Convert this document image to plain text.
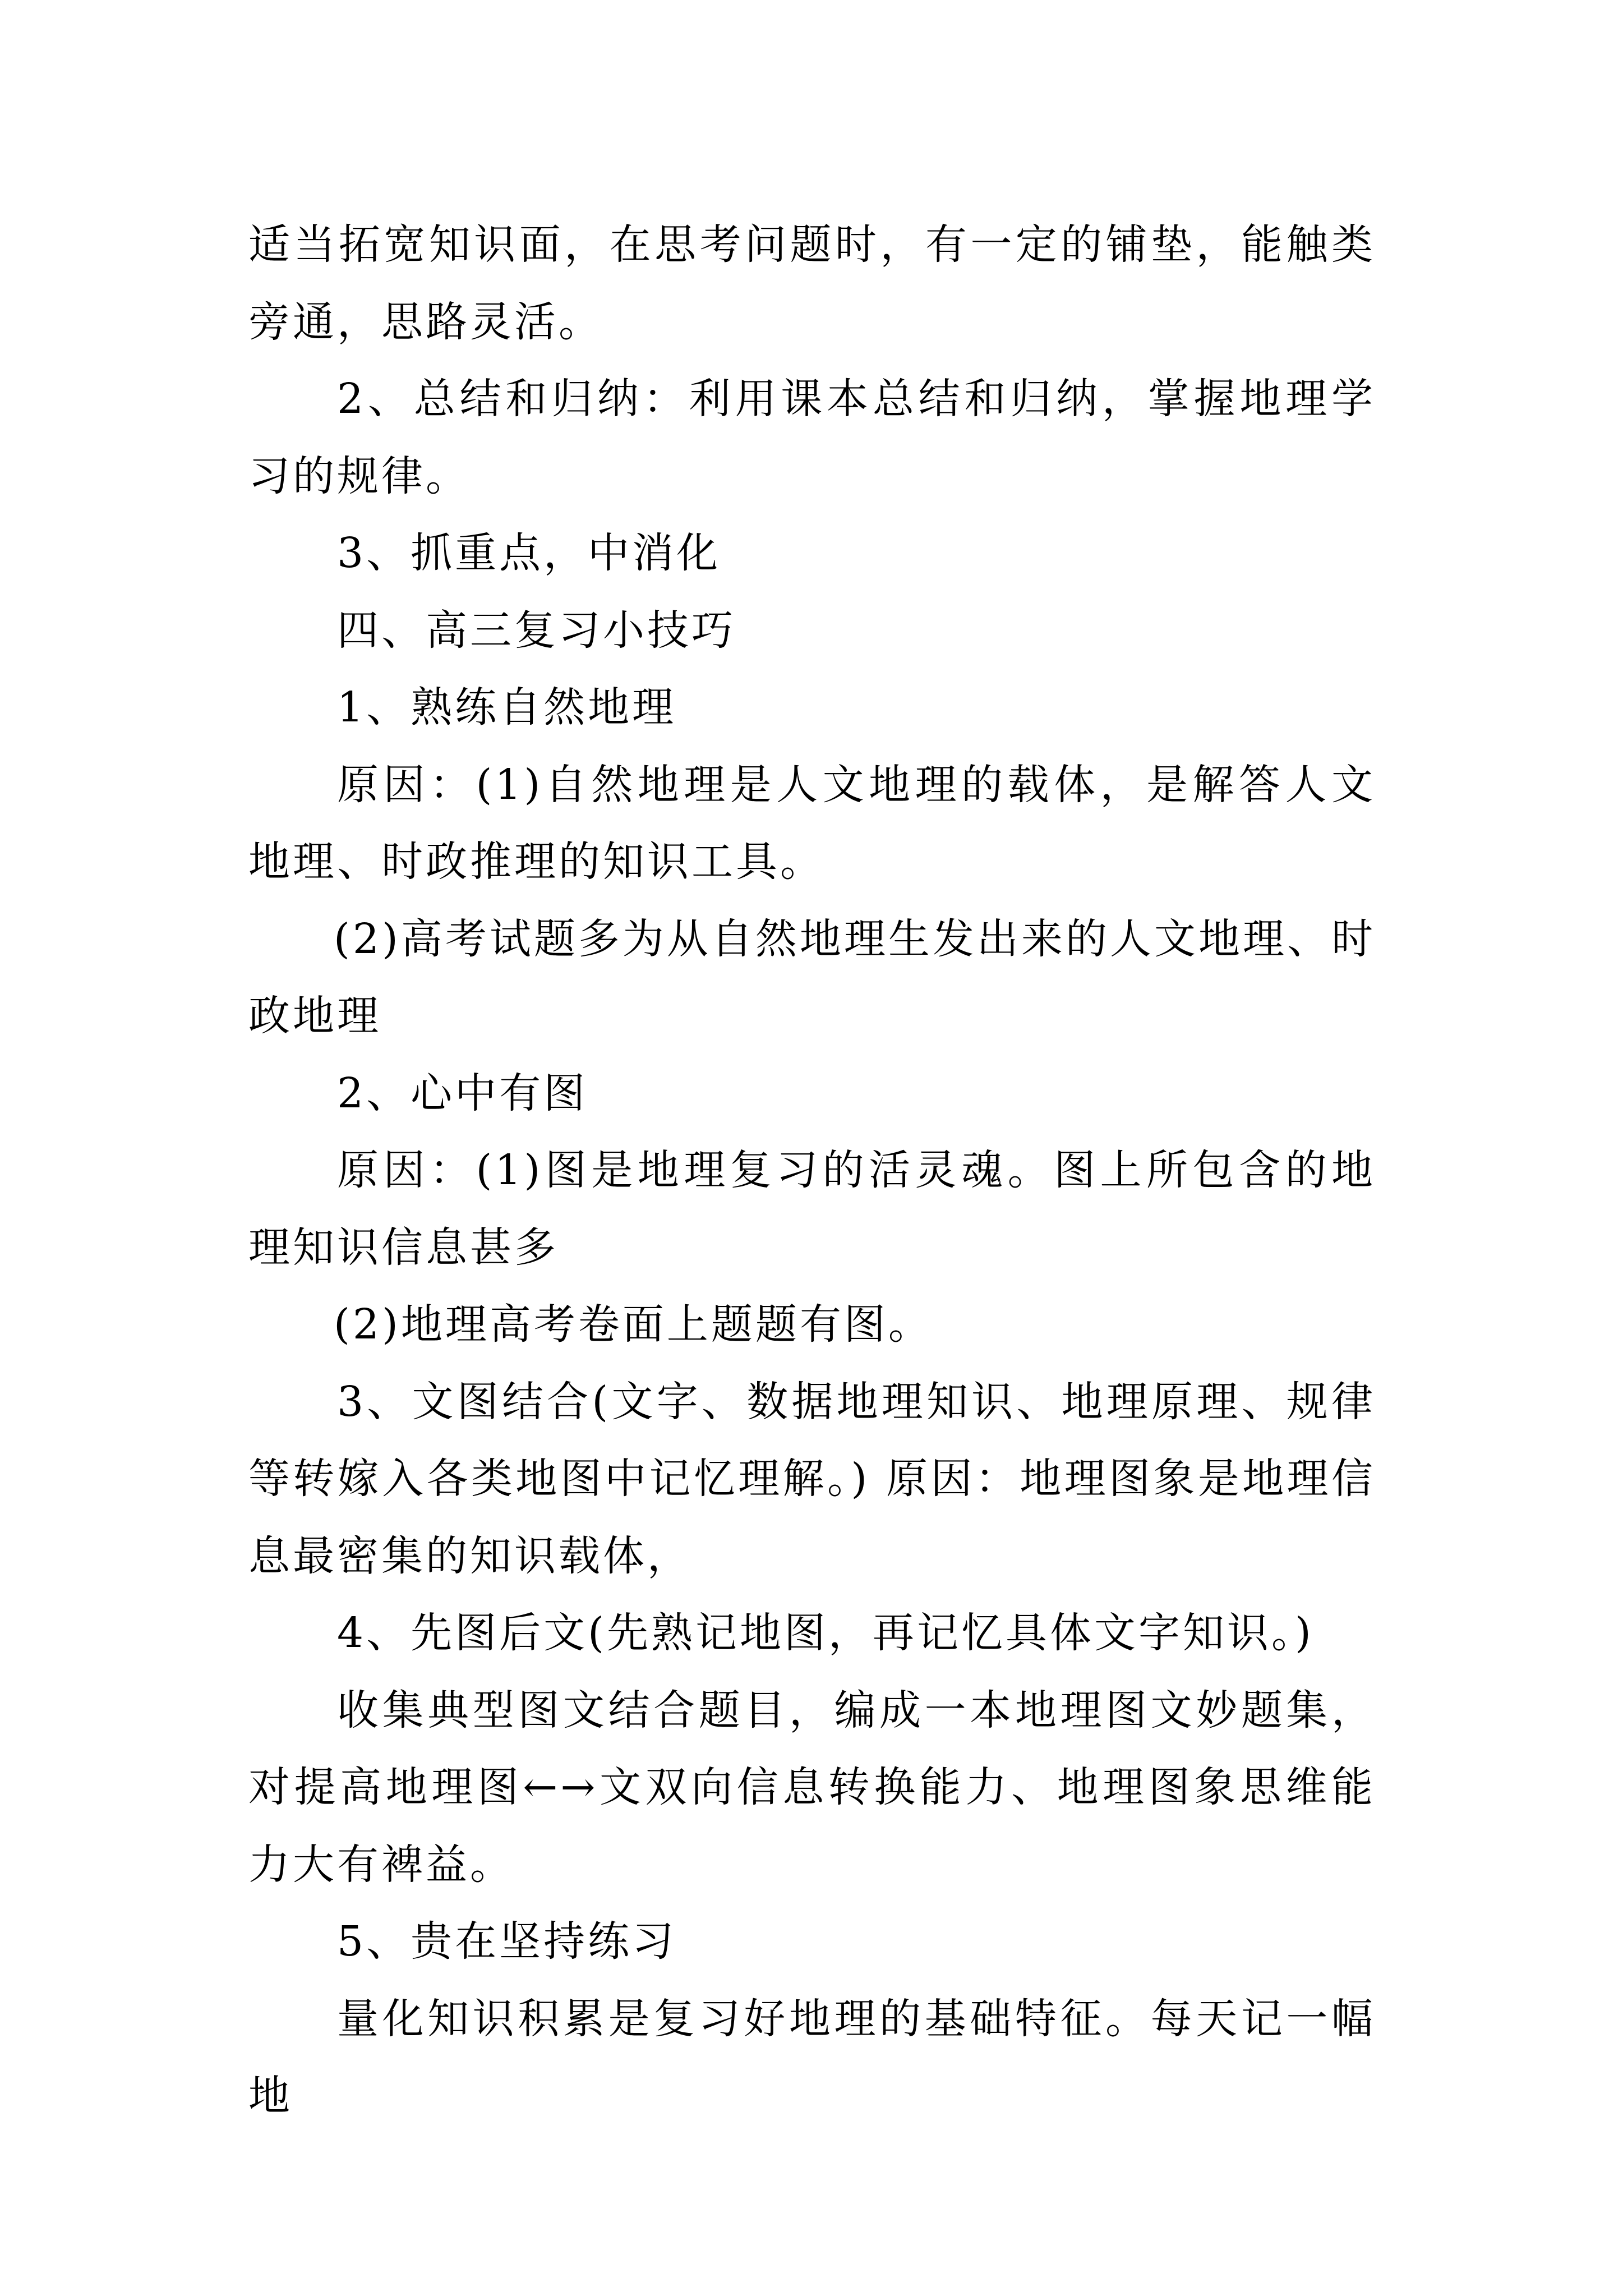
适当拓宽知识面，在思考问题时，有一定的铺垫，能触类旁通，思路灵活。

2、总结和归纳：利用课本总结和归纳，掌握地理学习的规律。

3、抓重点，中消化

四、高三复习小技巧

1、熟练自然地理

原因：(1)自然地理是人文地理的载体，是解答人文地理、时政推理的知识工具。

(2)高考试题多为从自然地理生发出来的人文地理、时政地理

2、心中有图

原因：(1)图是地理复习的活灵魂。图上所包含的地理知识信息甚多

(2)地理高考卷面上题题有图。

3、文图结合(文字、数据地理知识、地理原理、规律等转嫁入各类地图中记忆理解。) 原因：地理图象是地理信息最密集的知识载体，

4、先图后文(先熟记地图，再记忆具体文字知识。)

收集典型图文结合题目，编成一本地理图文妙题集，对提高地理图←→文双向信息转换能力、地理图象思维能力大有裨益。

5、贵在坚持练习

量化知识积累是复习好地理的基础特征。每天记一幅地
